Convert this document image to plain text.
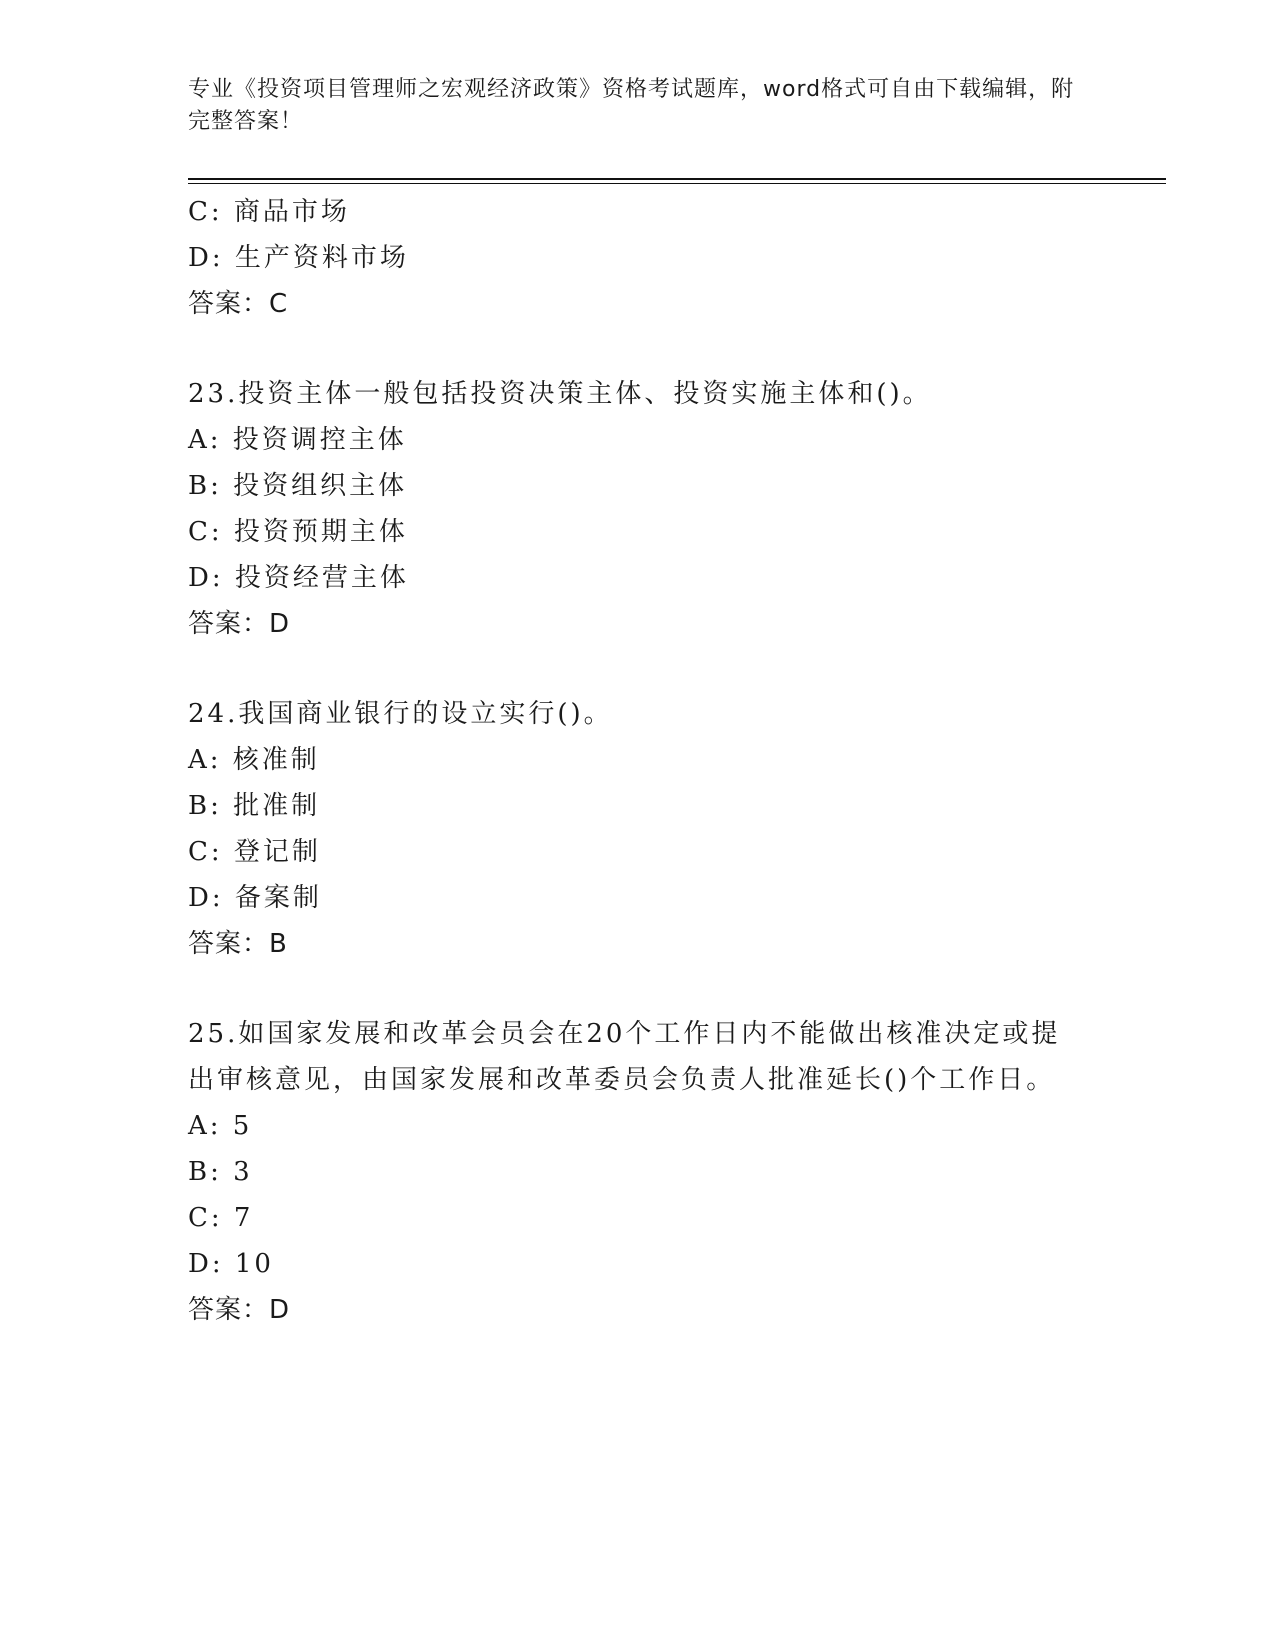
专业《投资项目管理师之宏观经济政策》资格考试题库，word格式可自由下载编辑，附完整答案！
C: 商品市场
D: 生产资料市场
答案：C
23.投资主体一般包括投资决策主体、投资实施主体和()。
A: 投资调控主体
B: 投资组织主体
C: 投资预期主体
D: 投资经营主体
答案：D
24.我国商业银行的设立实行()。
A: 核准制
B: 批准制
C: 登记制
D: 备案制
答案：B
25.如国家发展和改革会员会在20个工作日内不能做出核准决定或提
出审核意见，由国家发展和改革委员会负责人批准延长()个工作日。
A: 5
B: 3
C: 7
D: 10
答案：D
